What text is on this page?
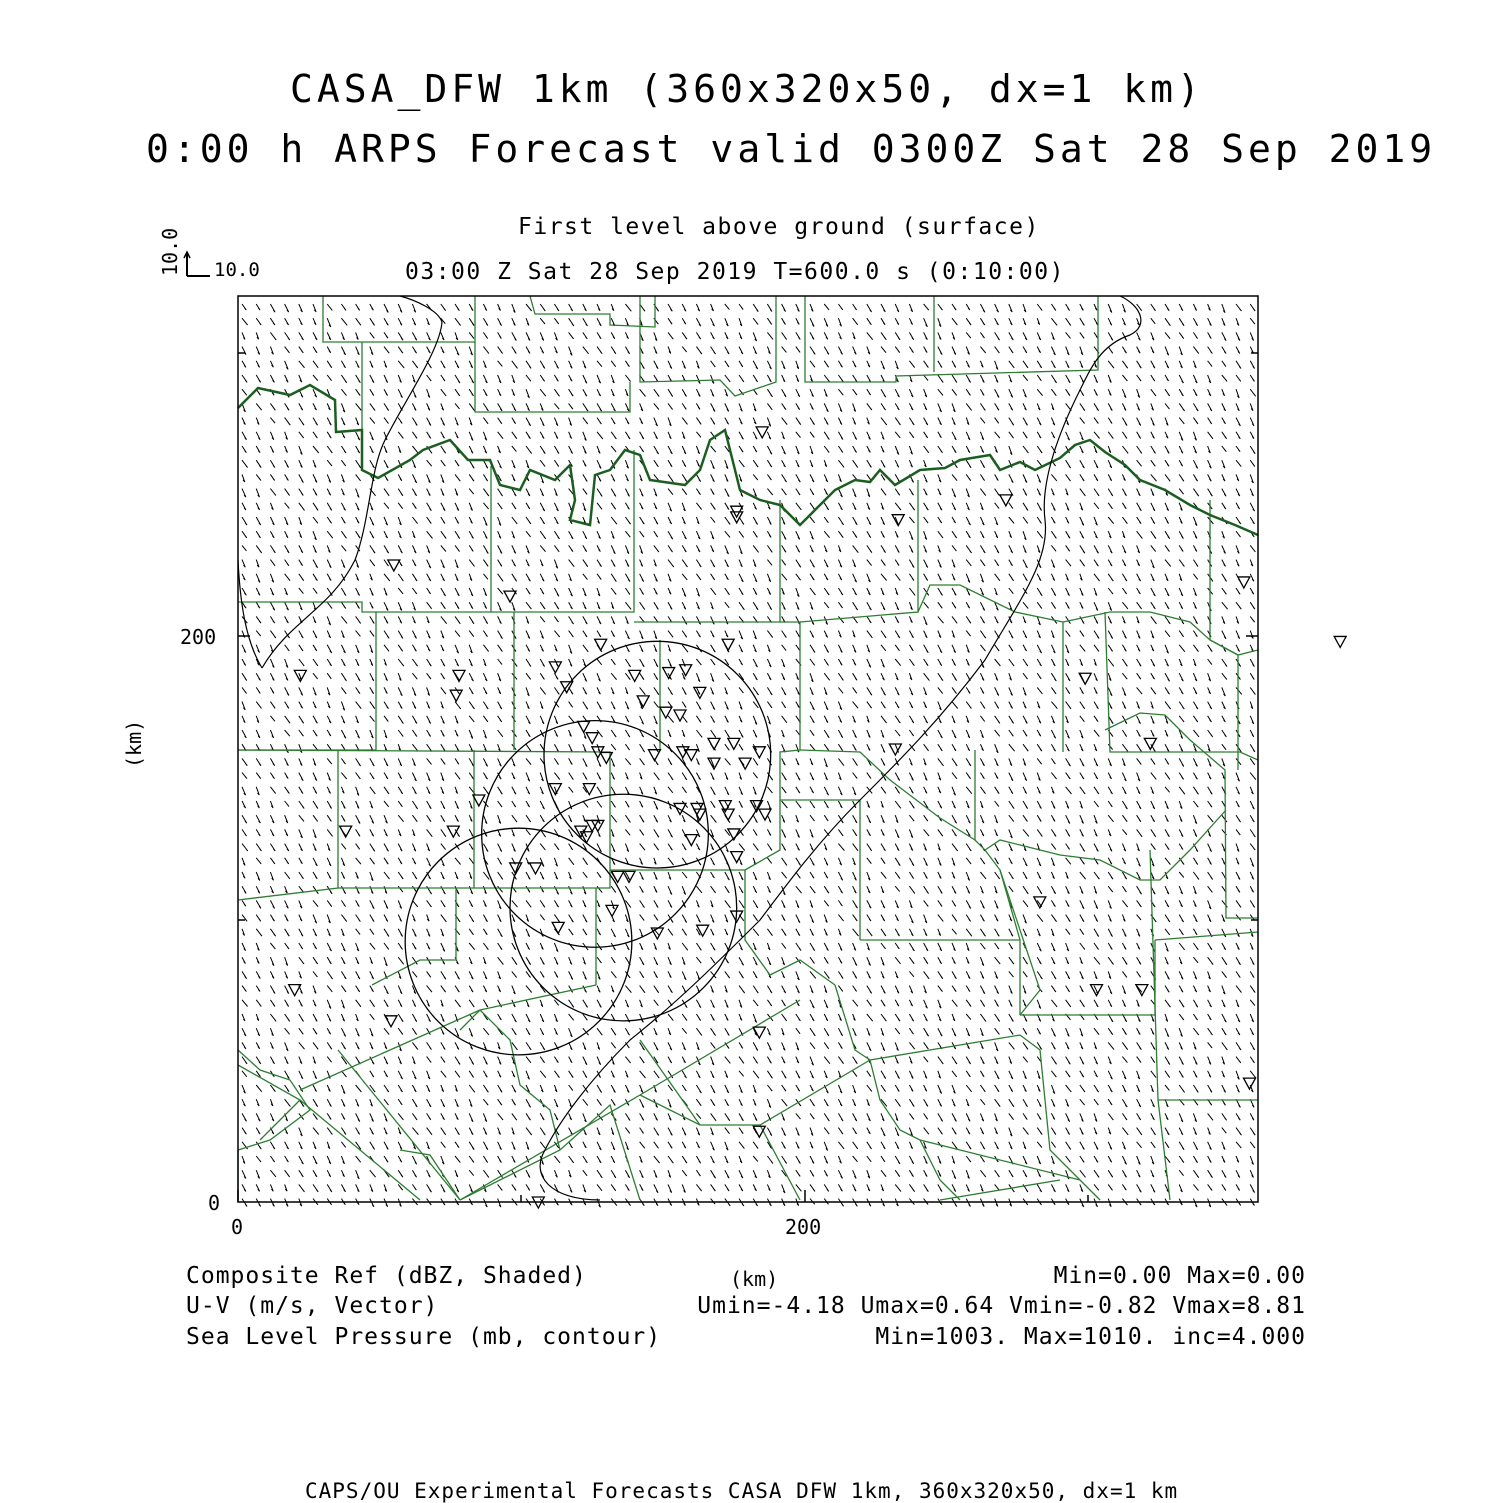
CASA_DFW 1km (360x320x50, dx=1 km)
0:00 h ARPS Forecast valid 0300Z Sat 28 Sep 2019
First level above ground (surface)
03:00 Z Sat 28 Sep 2019 T=600.0 s (0:10:00)
10.0 10.0
200
0
0	200
(km)
(km)
Composite Ref (dBZ, Shaded)	Min=0.00 Max=0.00
U-V (m/s, Vector)	Umin=-4.18 Umax=0.64 Vmin=-0.82 Vmax=8.81
Sea Level Pressure (mb, contour)	Min=1003. Max=1010. inc=4.000
CAPS/OU Experimental Forecasts CASA DFW 1km, 360x320x50, dx=1 km
